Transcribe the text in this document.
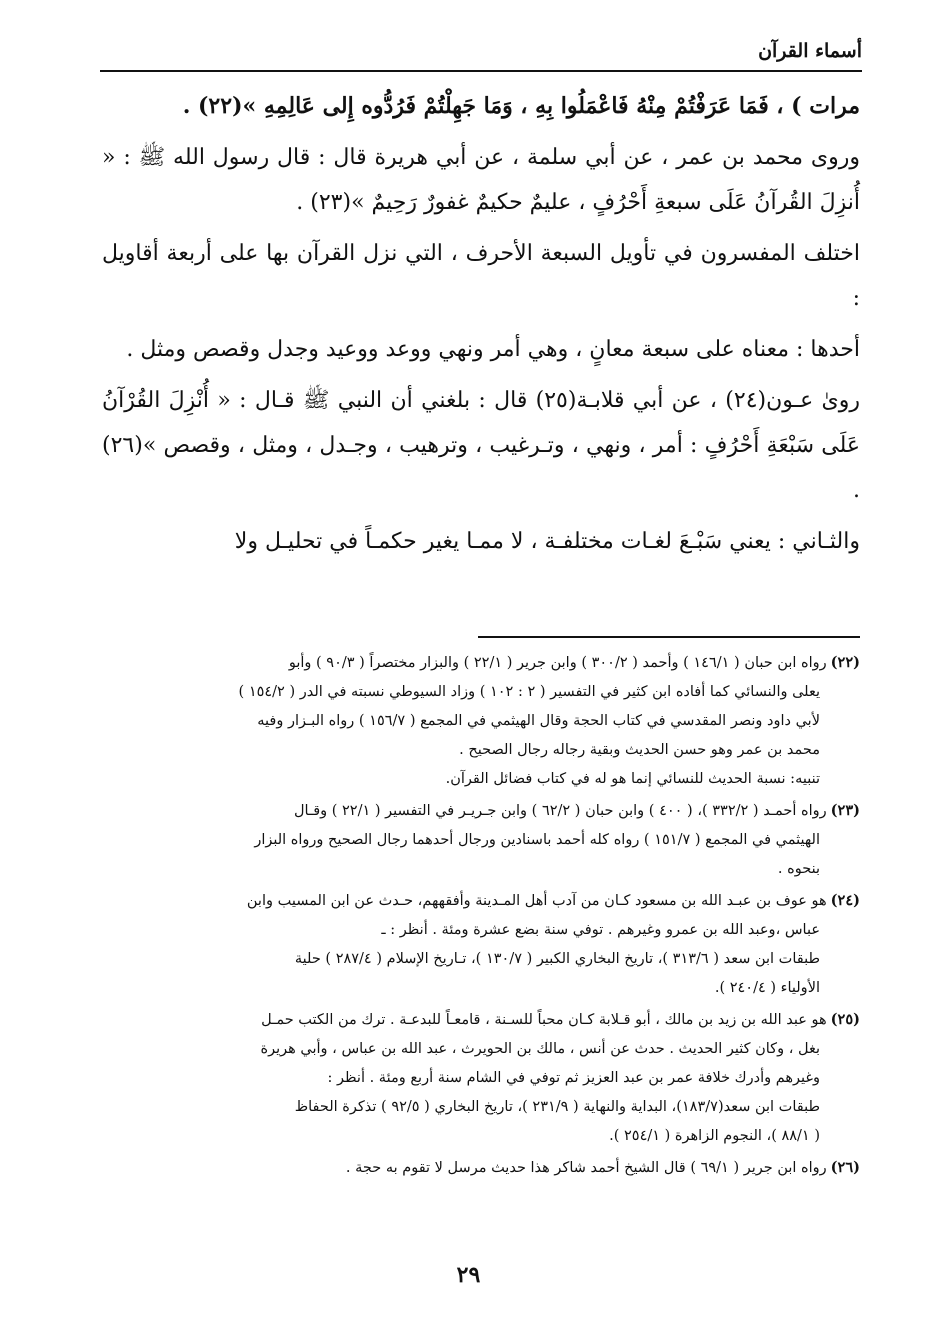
أسماء القرآن

مرات ) ، فَمَا عَرَفْتُمْ مِنْهُ فَاعْمَلُوا بِهِ ، وَمَا جَهِلْتُمْ فَرُدُّوه إِلى عَالِمِهِ »(٢٢) .

وروى محمد بن عمر ، عن أبي سلمة ، عن أبي هريرة قال : قال رسول الله ﷺ : « أُنزِلَ القُرآنُ عَلَى سبعةِ أَحْرُفٍ ، عليمٌ حكيمٌ غفورٌ رَحِيمٌ »(٢٣) .

اختلف المفسرون في تأويل السبعة الأحرف ، التي نزل القرآن بها على أربعة أقاويل :

أحدها : معناه على سبعة معانٍ ، وهي أمر ونهي ووعد ووعيد وجدل وقصص ومثل .

روىٰ عـون(٢٤) ، عن أبي قلابـة(٢٥) قال : بلغني أن النبي ﷺ قـال : « أُنْزِلَ القُرْآنُ عَلَى سَبْعَةِ أَحْرُفٍ : أمر ، ونهي ، وتـرغيب ، وترهيب ، وجـدل ، ومثل ، وقصص »(٢٦) .

والثـاني : يعني سَبْـعَ لغـات مختلفـة ، لا ممـا يغير حكمـاً في تحليـل ولا

(٢٢)رواه ابن حبان ( ١٤٦/١ ) وأحمد ( ٣٠٠/٢ ) وابن جرير ( ٢٢/١ ) والبزار مختصراً ( ٩٠/٣ ) وأبو
يعلى والنسائي كما أفاده ابن كثير في التفسير ( ٢ : ١٠٢ ) وزاد السيوطي نسبته في الدر ( ١٥٤/٢ )
لأبي داود ونصر المقدسي في كتاب الحجة وقال الهيثمي في المجمع ( ١٥٦/٧ ) رواه البـزار وفيه
محمد بن عمر وهو حسن الحديث وبقية رجاله رجال الصحيح .
تنبيه: نسبة الحديث للنسائي إنما هو له في كتاب فضائل القرآن.
(٢٣)رواه أحمـد ( ٣٣٢/٢ )، ( ٤٠٠ ) وابن حبان ( ٦٢/٢ ) وابن جـريـر في التفسير ( ٢٢/١ ) وقـال
الهيثمي في المجمع ( ١٥١/٧ ) رواه كله أحمد باسنادين ورجال أحدهما رجال الصحيح ورواه البزار
بنحوه .
(٢٤)هو عوف بن عبـد الله بن مسعود كـان من آدب أهل المـدينة وأفقههم، حـدث عن ابن المسيب وابن
عباس ،وعبد الله بن عمرو وغيرهم . توفي سنة بضع عشرة ومئة . أنظر : ـ
طبقات ابن سعد ( ٣١٣/٦ )، تاريخ البخاري الكبير ( ١٣٠/٧ )، تـاريخ الإسلام ( ٢٨٧/٤ ) حلية
الأولياء ( ٢٤٠/٤ ).
(٢٥)هو عبد الله بن زيد بن مالك ، أبو قـلابة كـان محباً للسـنة ، قامعـاً للبدعـة . ترك من الكتب حمـل
بغل ، وكان كثير الحديث . حدث عن أنس ، مالك بن الحويرث ، عبد الله بن عباس ، وأبي هريرة
وغيرهم وأدرك خلافة عمر بن عبد العزيز ثم توفي في الشام سنة أربع ومئة . أنظر :
طبقات ابن سعد(١٨٣/٧)، البداية والنهاية ( ٢٣١/٩ )، تاريخ البخاري ( ٩٢/٥ ) تذكرة الحفاظ
( ٨٨/١ )، النجوم الزاهرة ( ٢٥٤/١ ).
(٢٦)رواه ابن جرير ( ٦٩/١ ) قال الشيخ أحمد شاكر هذا حديث مرسل لا تقوم به حجة .
٢٩
